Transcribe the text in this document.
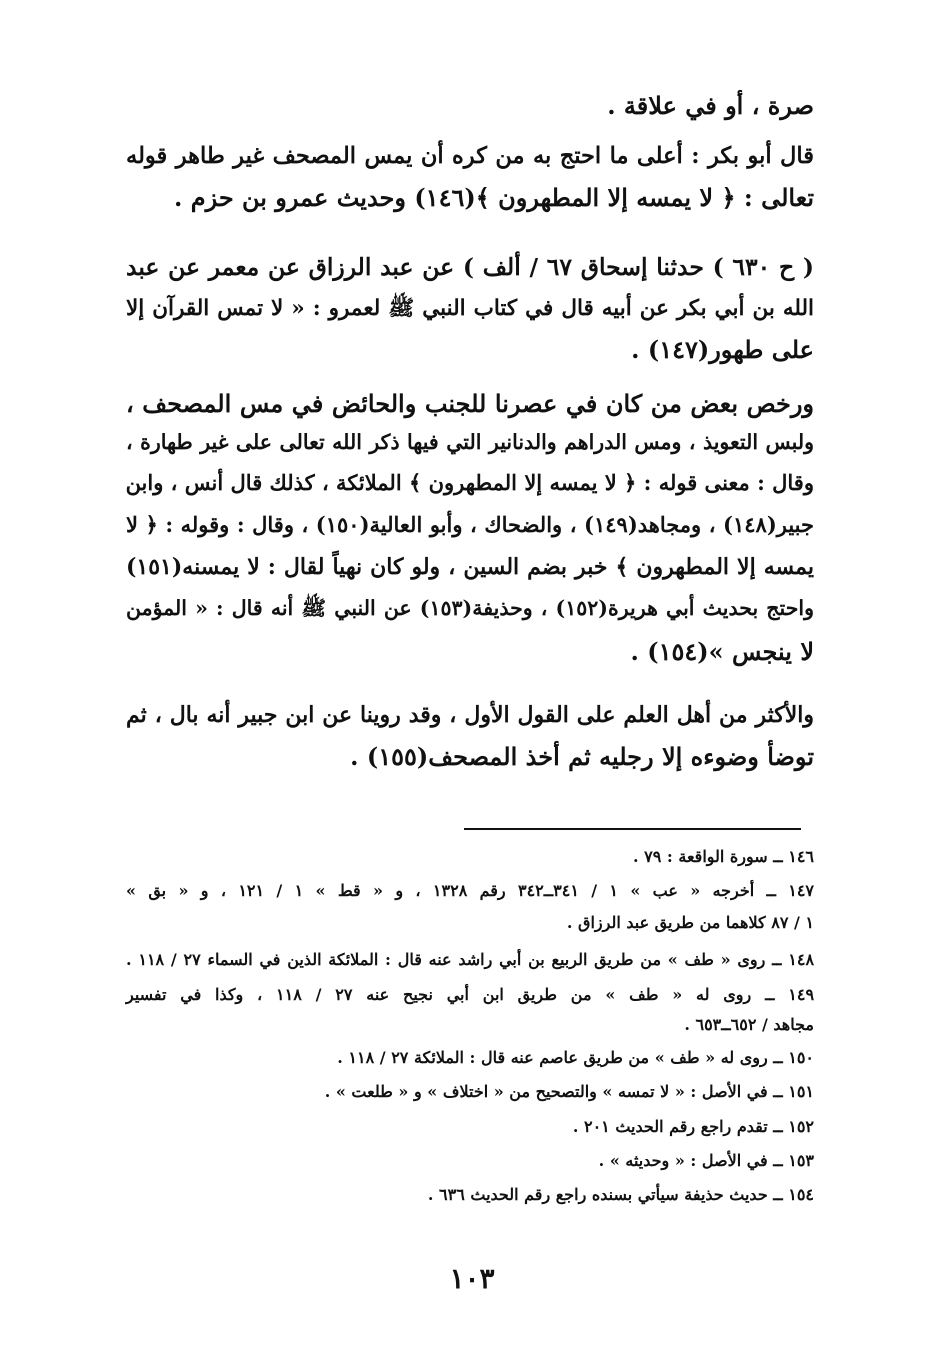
صرة ، أو في علاقة .
قال أبو بكر : أعلى ما احتج به من كره أن يمس المصحف غير طاهر قوله
تعالى : ﴿ لا يمسه إلا المطهرون ﴾(١٤٦) وحديث عمرو بن حزم .
( ح ٦٣٠ ) حدثنا إسحاق ٦٧ / ألف ) عن عبد الرزاق عن معمر عن عبد
الله بن أبي بكر عن أبيه قال في كتاب النبي ﷺ لعمرو : « لا تمس القرآن إلا
على طهور(١٤٧) .
ورخص بعض من كان في عصرنا للجنب والحائض في مس المصحف ،
ولبس التعويذ ، ومس الدراهم والدنانير التي فيها ذكر الله تعالى على غير طهارة ،
وقال : معنى قوله : ﴿ لا يمسه إلا المطهرون ﴾ الملائكة ، كذلك قال أنس ، وابن
جبير(١٤٨) ، ومجاهد(١٤٩) ، والضحاك ، وأبو العالية(١٥٠) ، وقال : وقوله : ﴿ لا
يمسه إلا المطهرون ﴾ خبر بضم السين ، ولو كان نهياً لقال : لا يمسنه(١٥١)
واحتج بحديث أبي هريرة(١٥٢) ، وحذيفة(١٥٣) عن النبي ﷺ أنه قال : « المؤمن
لا ينجس »(١٥٤) .
والأكثر من أهل العلم على القول الأول ، وقد روينا عن ابن جبير أنه بال ، ثم
توضأ وضوءه إلا رجليه ثم أخذ المصحف(١٥٥) .
١٤٦ ــ سورة الواقعة : ٧٩ .
١٤٧ ــ أخرجه « عب » ١ / ٣٤١ــ٣٤٢ رقم ١٣٢٨ ، و « قط » ١ / ١٢١ ، و « بق »
١ / ٨٧ كلاهما من طريق عبد الرزاق .
١٤٨ ــ روى « طف » من طريق الربيع بن أبي راشد عنه قال : الملائكة الذين في السماء ٢٧ / ١١٨ .
١٤٩ ــ روى له « طف » من طريق ابن أبي نجيح عنه ٢٧ / ١١٨ ، وكذا في تفسير
مجاهد / ٦٥٢ــ٦٥٣ .
١٥٠ ــ روى له « طف » من طريق عاصم عنه قال : الملائكة ٢٧ / ١١٨ .
١٥١ ــ في الأصل : « لا تمسه » والتصحيح من « اختلاف » و « طلعت » .
١٥٢ ــ تقدم راجع رقم الحديث ٢٠١ .
١٥٣ ــ في الأصل : « وحديثه » .
١٥٤ ــ حديث حذيفة سيأتي بسنده راجع رقم الحديث ٦٣٦ .
١٠٣
